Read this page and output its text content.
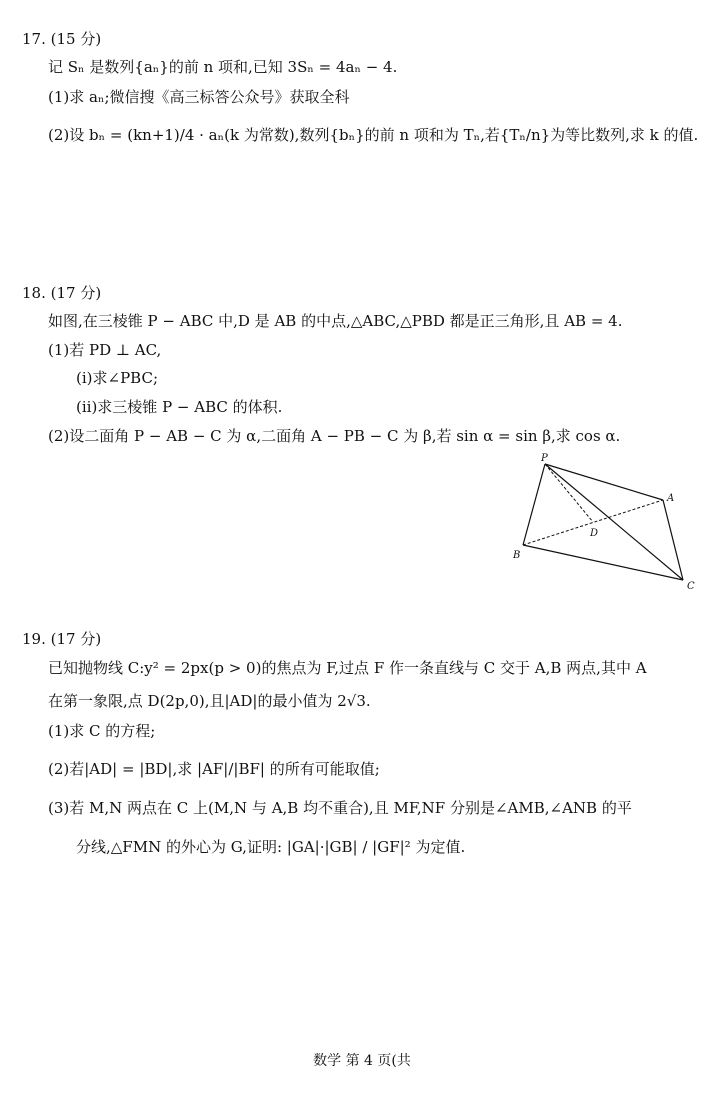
17. (15 分)
记 Sₙ 是数列{aₙ}的前 n 项和,已知 3Sₙ = 4aₙ − 4.
(1)求 aₙ;微信搜《高三标答公众号》获取全科
(2)设 bₙ = (kn+1)/4 · aₙ(k 为常数),数列{bₙ}的前 n 项和为 Tₙ,若{Tₙ/n}为等比数列,求 k 的值.
18. (17 分)
如图,在三棱锥 P − ABC 中,D 是 AB 的中点,△ABC,△PBD 都是正三角形,且 AB = 4.
(1)若 PD ⊥ AC,
(ⅰ)求∠PBC;
(ⅱ)求三棱锥 P − ABC 的体积.
(2)设二面角 P − AB − C 为 α,二面角 A − PB − C 为 β,若 sin α = sin β,求 cos α.
P
A
B
C
D
19. (17 分)
已知抛物线 C:y² = 2px(p > 0)的焦点为 F,过点 F 作一条直线与 C 交于 A,B 两点,其中 A
在第一象限,点 D(2p,0),且|AD|的最小值为 2√3.
(1)求 C 的方程;
(2)若|AD| = |BD|,求 |AF|/|BF| 的所有可能取值;
(3)若 M,N 两点在 C 上(M,N 与 A,B 均不重合),且 MF,NF 分别是∠AMB,∠ANB 的平
分线,△FMN 的外心为 G,证明: |GA|·|GB| / |GF|² 为定值.
数学 第 4 页(共
